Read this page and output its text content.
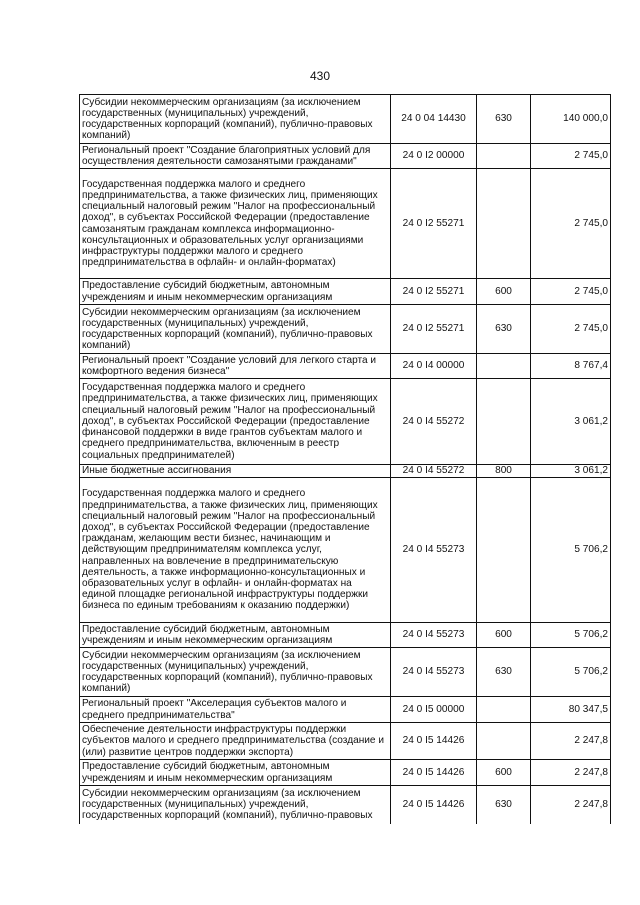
430
Субсидии некоммерческим организациям (за исключением государственных (муниципальных) учреждений, государственных корпораций (компаний), публично-правовых компаний)	24 0 04 14430	630	140 000,0
Региональный проект "Создание благоприятных условий для осуществления деятельности самозанятыми гражданами"	24 0 I2 00000		2 745,0
Государственная поддержка малого и среднего предпринимательства, а также физических лиц, применяющих специальный налоговый режим "Налог на профессиональный доход", в субъектах Российской Федерации (предоставление самозанятым гражданам комплекса информационно-консультационных и образовательных услуг организациями инфраструктуры поддержки малого и среднего предпринимательства в офлайн- и онлайн-форматах)	24 0 I2 55271		2 745,0
Предоставление субсидий бюджетным, автономным учреждениям и иным некоммерческим организациям	24 0 I2 55271	600	2 745,0
Субсидии некоммерческим организациям (за исключением государственных (муниципальных) учреждений, государственных корпораций (компаний), публично-правовых компаний)	24 0 I2 55271	630	2 745,0
Региональный проект "Создание условий для легкого старта и комфортного ведения бизнеса"	24 0 I4 00000		8 767,4
Государственная поддержка малого и среднего предпринимательства, а также физических лиц, применяющих специальный налоговый режим "Налог на профессиональный доход", в субъектах Российской Федерации (предоставление финансовой поддержки в виде грантов субъектам малого и среднего предпринимательства, включенным в реестр социальных предпринимателей)	24 0 I4 55272		3 061,2
Иные бюджетные ассигнования	24 0 I4 55272	800	3 061,2
Государственная поддержка малого и среднего предпринимательства, а также физических лиц, применяющих специальный налоговый режим "Налог на профессиональный доход", в субъектах Российской Федерации (предоставление гражданам, желающим вести бизнес, начинающим и действующим предпринимателям комплекса услуг, направленных на вовлечение в предпринимательскую деятельность, а также информационно-консультационных и образовательных услуг в офлайн- и онлайн-форматах на единой площадке региональной инфраструктуры поддержки бизнеса по единым требованиям к оказанию поддержки)	24 0 I4 55273		5 706,2
Предоставление субсидий бюджетным, автономным учреждениям и иным некоммерческим организациям	24 0 I4 55273	600	5 706,2
Субсидии некоммерческим организациям (за исключением государственных (муниципальных) учреждений, государственных корпораций (компаний), публично-правовых компаний)	24 0 I4 55273	630	5 706,2
Региональный проект "Акселерация субъектов малого и среднего предпринимательства"	24 0 I5 00000		80 347,5
Обеспечение деятельности инфраструктуры поддержки субъектов малого и среднего предпринимательства (создание и (или) развитие центров поддержки экспорта)	24 0 I5 14426		2 247,8
Предоставление субсидий бюджетным, автономным учреждениям и иным некоммерческим организациям	24 0 I5 14426	600	2 247,8
Субсидии некоммерческим организациям (за исключением государственных (муниципальных) учреждений, государственных корпораций (компаний), публично-правовых	24 0 I5 14426	630	2 247,8
